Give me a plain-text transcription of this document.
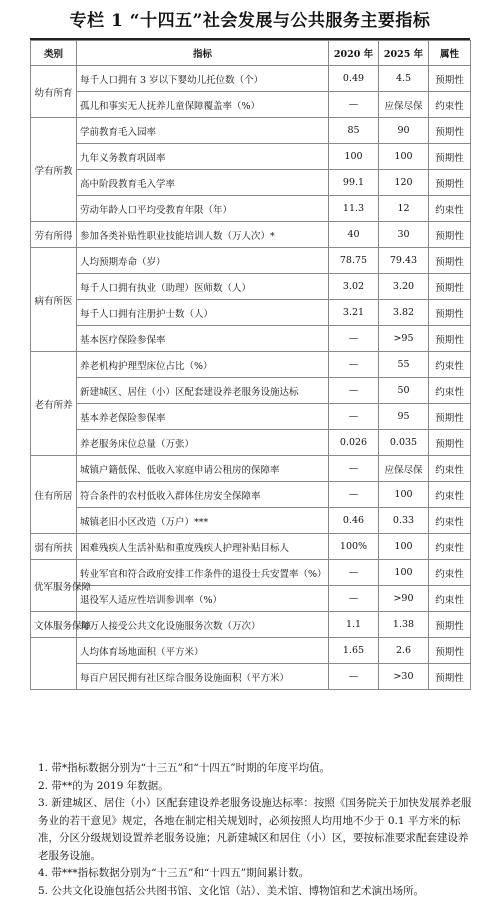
专栏 1 “十四五”社会发展与公共服务主要指标
类别	指标	2020 年	2025 年	属性
幼有所育	每千人口拥有 3 岁以下婴幼儿托位数（个）	0.49	4.5	预期性
	孤儿和事实无人抚养儿童保障覆盖率（%）	—	应保尽保	约束性
学有所教	学前教育毛入园率	85	90	预期性
	九年义务教育巩固率	100	100	预期性
	高中阶段教育毛入学率	99.1	120	预期性
	劳动年龄人口平均受教育年限（年）	11.3	12	约束性
劳有所得	参加各类补贴性职业技能培训人数（万人次）*	40	30	预期性
病有所医	人均预期寿命（岁）	78.75	79.43	预期性
	每千人口拥有执业（助理）医师数（人）	3.02	3.20	预期性
	每千人口拥有注册护士数（人）	3.21	3.82	预期性
	基本医疗保险参保率	—	>95	预期性
老有所养	养老机构护理型床位占比（%）	—	55	约束性
	新建城区、居住（小）区配套建设养老服务设施达标	—	50	约束性
	基本养老保险参保率	—	95	预期性
	养老服务床位总量（万张）	0.026	0.035	预期性
住有所居	城镇户籍低保、低收入家庭申请公租房的保障率	—	应保尽保	约束性
	符合条件的农村低收入群体住房安全保障率	—	100	约束性
	城镇老旧小区改造（万户）***	0.46	0.33	约束性
弱有所扶	困难残疾人生活补贴和重度残疾人护理补贴目标人	100%	100	约束性
优军服务保障	转业军官和符合政府安排工作条件的退役士兵安置率（%）	—	100	约束性
	退役军人适应性培训参训率（%）	—	>90	约束性
文体服务保障	每万人接受公共文化设施服务次数（万次）	1.1	1.38	预期性
	人均体育场地面积（平方米）	1.65	2.6	预期性
	每百户居民拥有社区综合服务设施面积（平方米）	—	>30	预期性
1. 带*指标数据分别为“十三五”和“十四五”时期的年度平均值。
2. 带**的为 2019 年数据。
3. 新建城区、居住（小）区配套建设养老服务设施达标率：按照《国务院关于加快发展养老服 务业的若干意见》规定，各地在制定相关规划时，必须按照人均用地不少于 0.1 平方米的标准，分区分级规划设置养老服务设施；凡新建城区和居住（小）区，要按标准要求配套建设养老服务设施。
4. 带***指标数据分别为“十三五”和“十四五”期间累计数。
5. 公共文化设施包括公共图书馆、文化馆（站）、美术馆、博物馆和艺术演出场所。
